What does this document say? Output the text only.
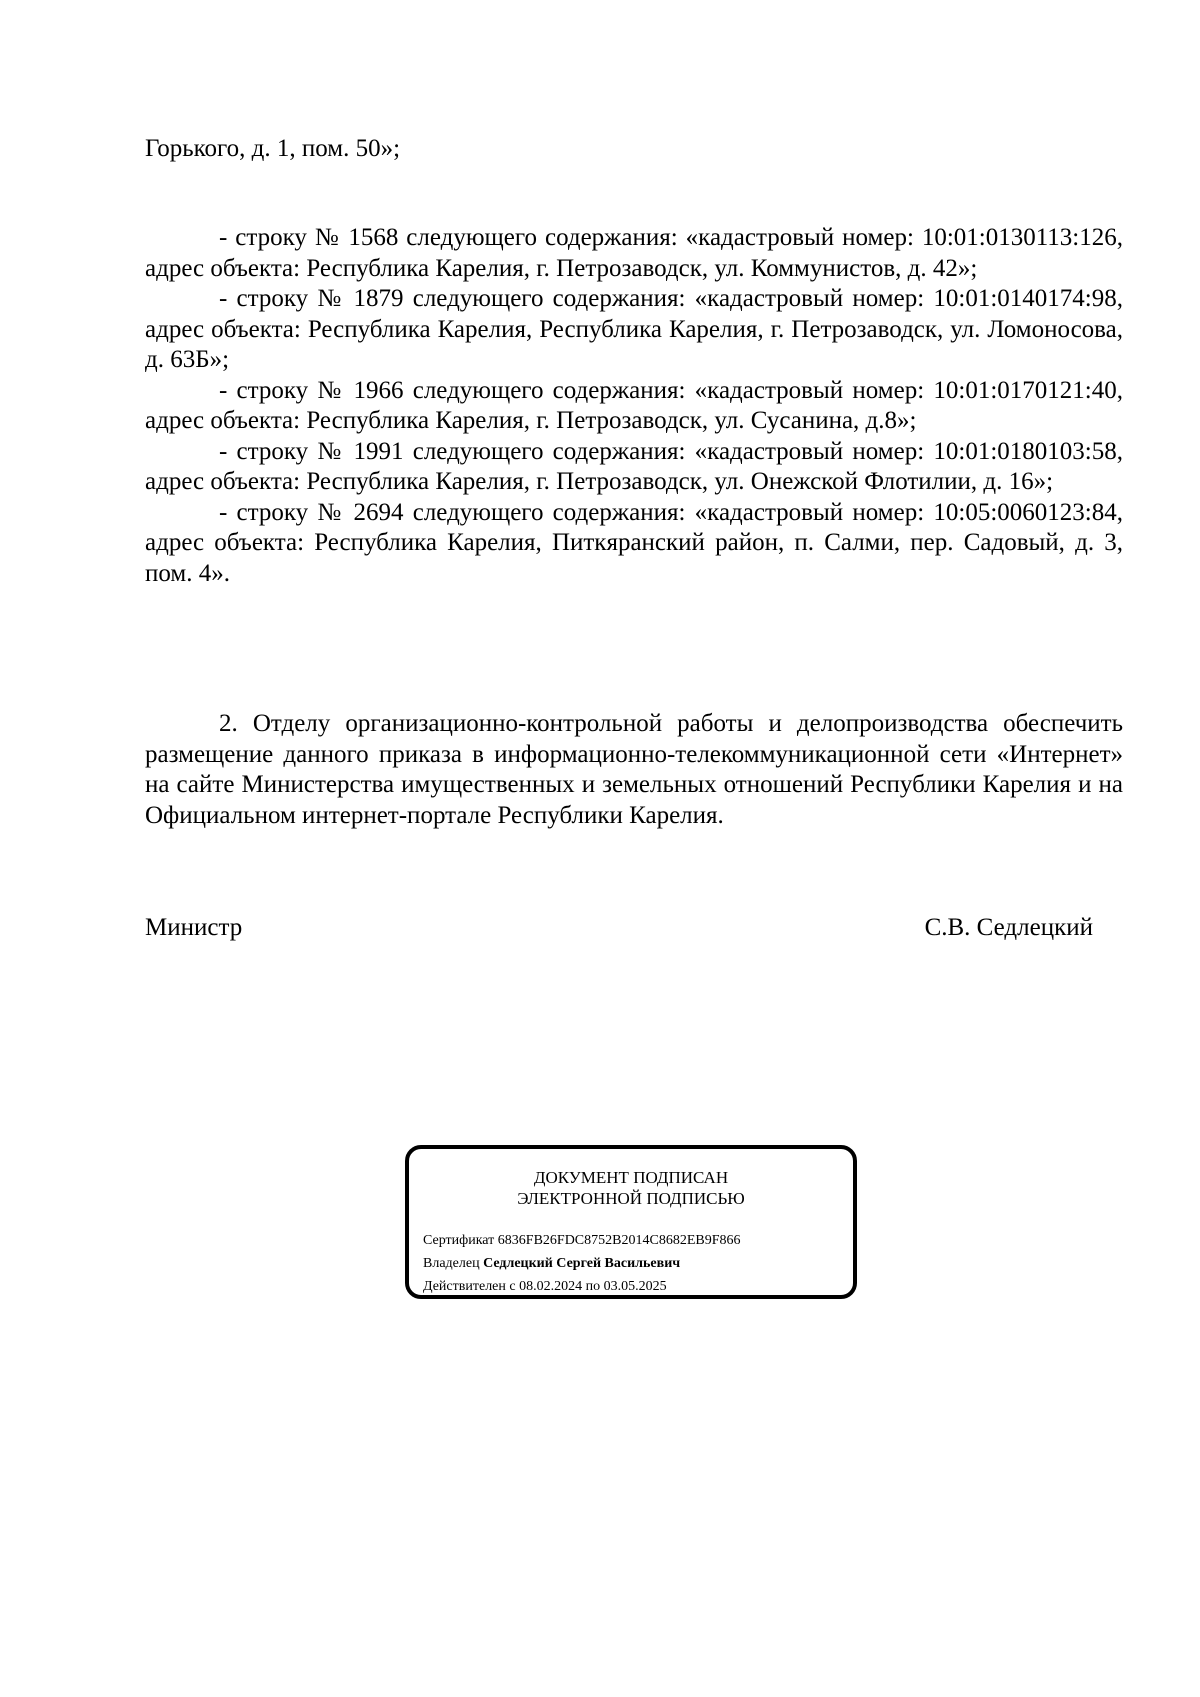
Горького, д. 1, пом. 50»;

- строку № 1568 следующего содержания: «кадастровый номер: 10:01:0130113:126, адрес объекта: Республика Карелия, г. Петрозаводск, ул. Коммунистов, д. 42»;

- строку № 1879 следующего содержания: «кадастровый номер: 10:01:0140174:98, адрес объекта: Республика Карелия, Республика Карелия, г. Петрозаводск, ул. Ломоносова, д. 63Б»;

- строку № 1966 следующего содержания: «кадастровый номер: 10:01:0170121:40, адрес объекта: Республика Карелия, г. Петрозаводск, ул. Сусанина, д.8»;

- строку № 1991 следующего содержания: «кадастровый номер: 10:01:0180103:58, адрес объекта: Республика Карелия, г. Петрозаводск, ул. Онежской Флотилии, д. 16»;

- строку № 2694 следующего содержания: «кадастровый номер: 10:05:0060123:84, адрес объекта: Республика Карелия, Питкяранский район, п. Салми, пер. Садовый, д. 3, пом. 4».

2. Отделу организационно-контрольной работы и делопроизводства обеспечить размещение данного приказа в информационно-телекоммуникационной сети «Интернет» на сайте Министерства имущественных и земельных отношений Республики Карелия и на Официальном интернет-портале Республики Карелия.

Министр	С.В. Седлецкий
ДОКУМЕНТ ПОДПИСАН
ЭЛЕКТРОННОЙ ПОДПИСЬЮ
Сертификат 6836FB26FDC8752B2014C8682EB9F866
Владелец Седлецкий Сергей Васильевич
Действителен с 08.02.2024 по 03.05.2025
